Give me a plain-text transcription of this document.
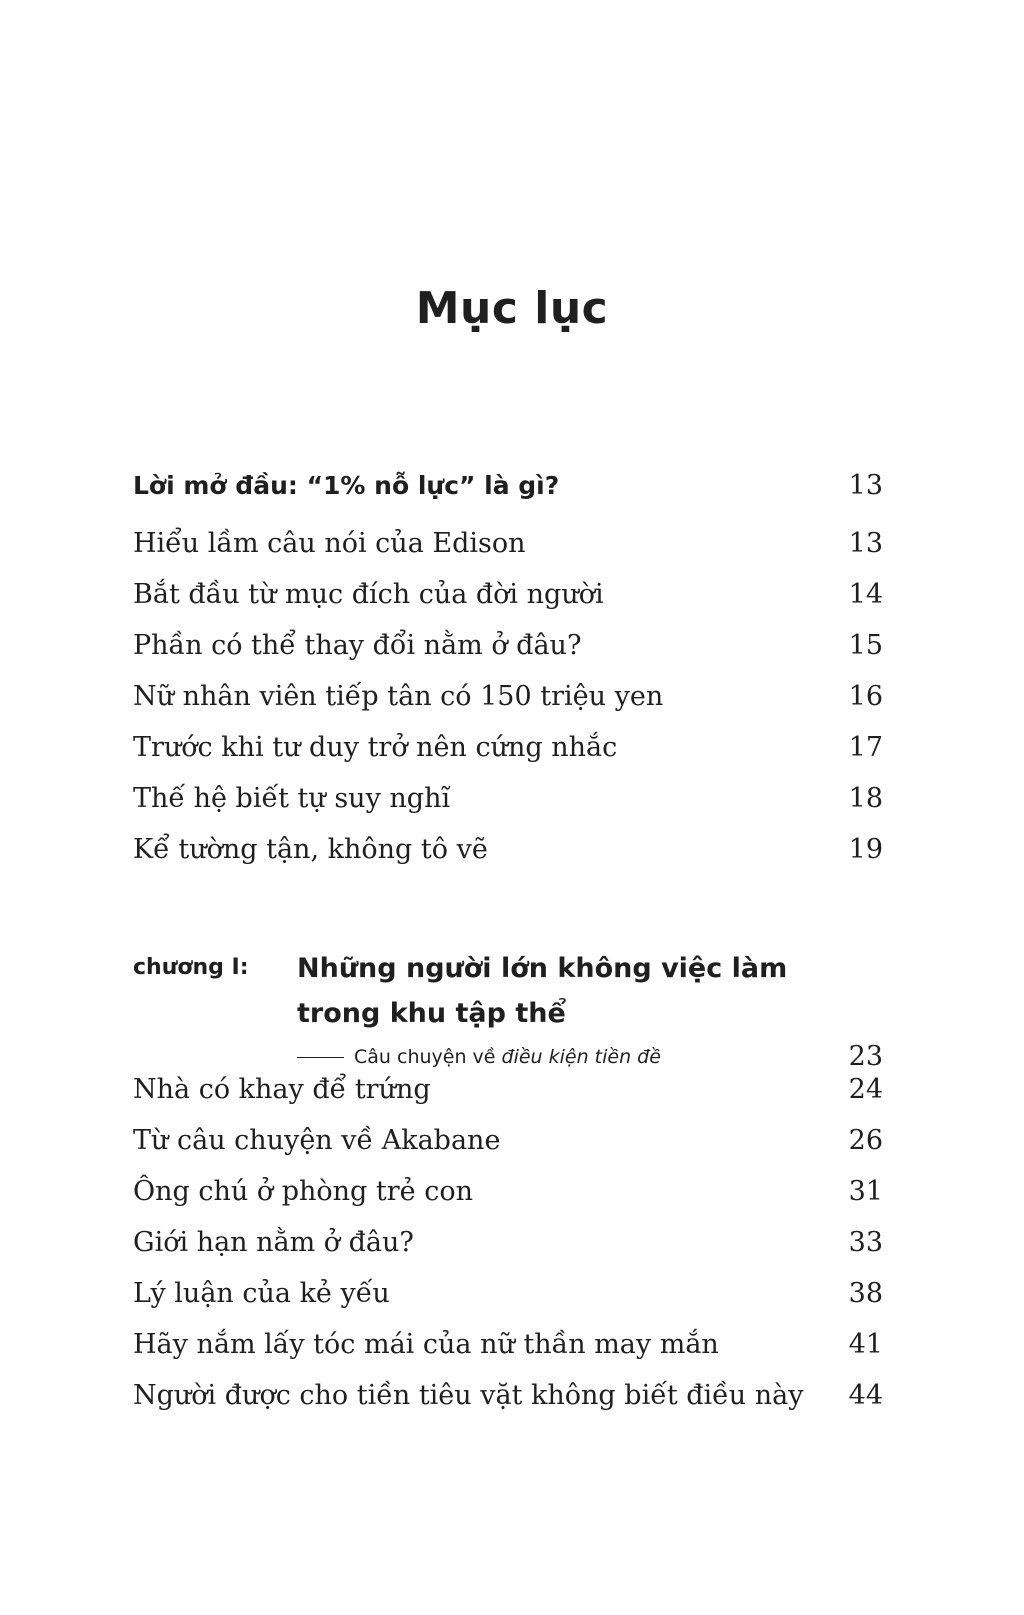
Mục lục
Lời mở đầu: “1% nỗ lực” là gì?	13
Hiểu lầm câu nói của Edison	13
Bắt đầu từ mục đích của đời người	14
Phần có thể thay đổi nằm ở đâu?	15
Nữ nhân viên tiếp tân có 150 triệu yen	16
Trước khi tư duy trở nên cứng nhắc	17
Thế hệ biết tự suy nghĩ	18
Kể tường tận, không tô vẽ	19
chương I: Những người lớn không việc làm
trong khu tập thể
Câu chuyện về điều kiện tiền đề	23
Nhà có khay để trứng	24
Từ câu chuyện về Akabane	26
Ông chú ở phòng trẻ con	31
Giới hạn nằm ở đâu?	33
Lý luận của kẻ yếu	38
Hãy nắm lấy tóc mái của nữ thần may mắn	41
Người được cho tiền tiêu vặt không biết điều này 44
